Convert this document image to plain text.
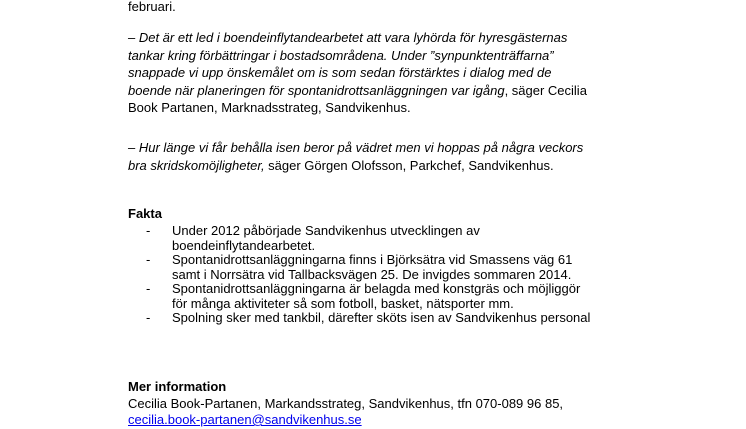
februari.
– Det är ett led i boendeinflytandearbetet att vara lyhörda för hyresgästernas
tankar kring förbättringar i bostadsområdena. Under ”synpunktenträffarna”
snappade vi upp önskemålet om is som sedan förstärktes i dialog med de
boende när planeringen för spontanidrottsanläggningen var igång, säger Cecilia
Book Partanen, Marknadsstrateg, Sandvikenhus.
– Hur länge vi får behålla isen beror på vädret men vi hoppas på några veckors
bra skridskomöjligheter, säger Görgen Olofsson, Parkchef, Sandvikenhus.
Fakta
- Under 2012 påbörjade Sandvikenhus utvecklingen av
boendeinflytandearbetet.
- Spontanidrottsanläggningarna finns i Björksätra vid Smassens väg 61
samt i Norrsätra vid Tallbacksvägen 25. De invigdes sommaren 2014.
- Spontanidrottsanläggningarna är belagda med konstgräs och möjliggör
för många aktiviteter så som fotboll, basket, nätsporter mm.
- Spolning sker med tankbil, därefter sköts isen av Sandvikenhus personal
Mer information
Cecilia Book-Partanen, Markandsstrateg, Sandvikenhus, tfn 070-089 96 85,
cecilia.book-partanen@sandvikenhus.se
